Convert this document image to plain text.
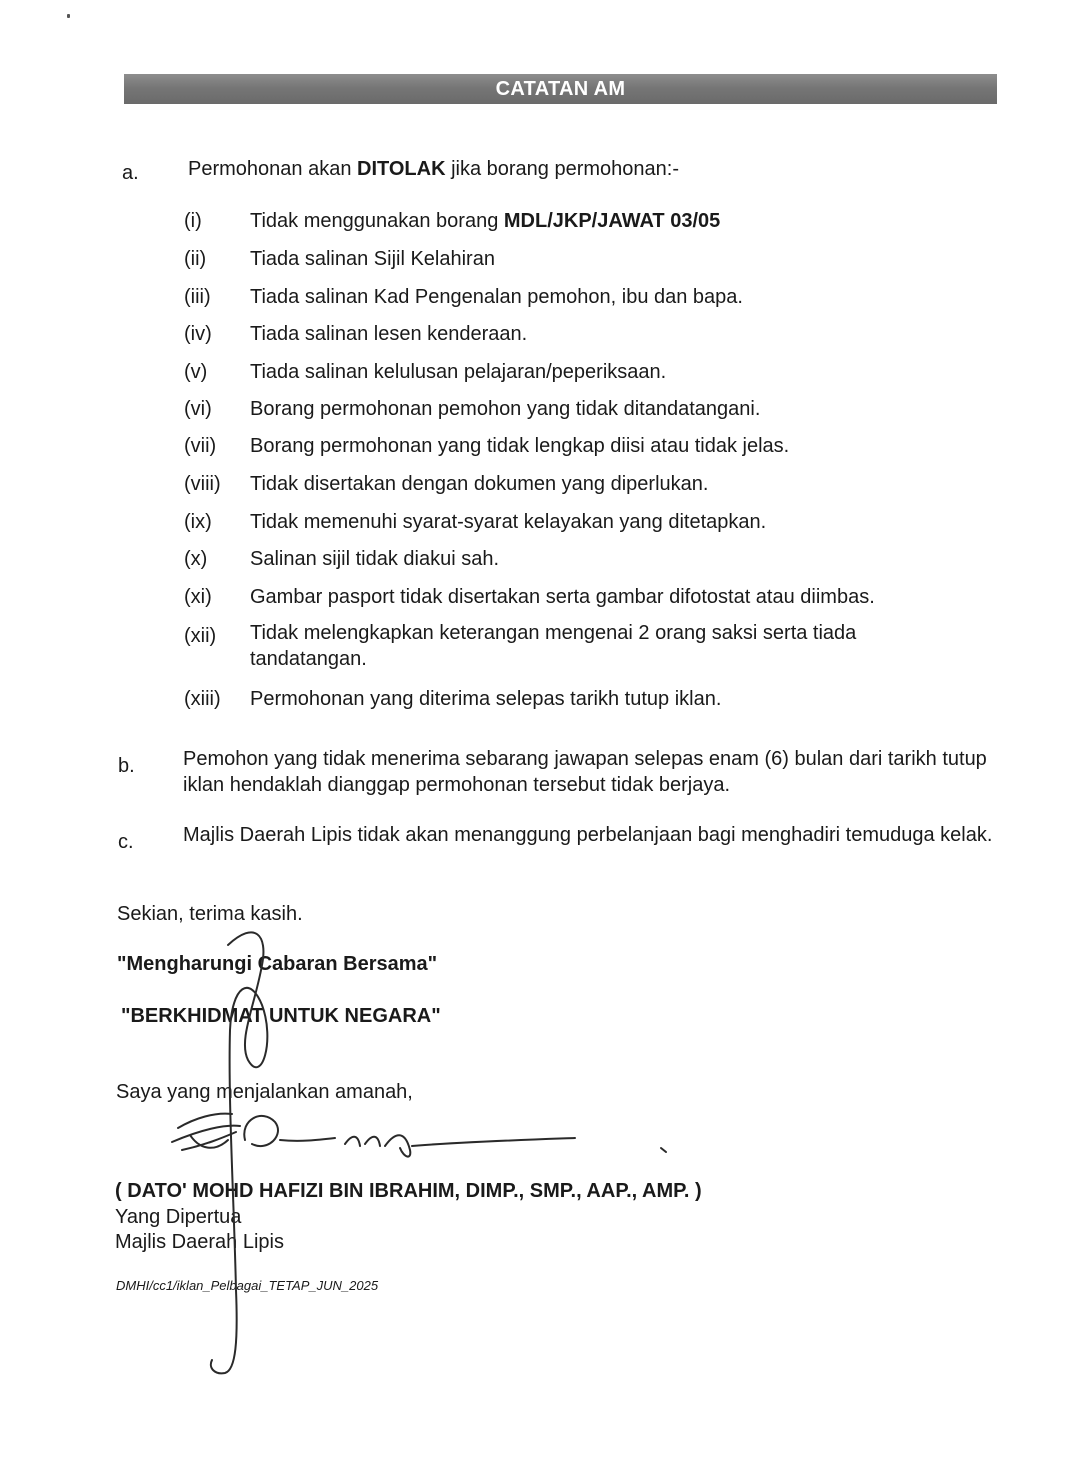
CATATAN AM
a. Permohonan akan DITOLAK jika borang permohonan:-
(i) Tidak menggunakan borang MDL/JKP/JAWAT 03/05
(ii) Tiada salinan Sijil Kelahiran
(iii) Tiada salinan Kad Pengenalan pemohon, ibu dan bapa.
(iv) Tiada salinan lesen kenderaan.
(v) Tiada salinan kelulusan pelajaran/peperiksaan.
(vi) Borang permohonan pemohon yang tidak ditandatangani.
(vii) Borang permohonan yang tidak lengkap diisi atau tidak jelas.
(viii) Tidak disertakan dengan dokumen yang diperlukan.
(ix) Tidak memenuhi syarat-syarat kelayakan yang ditetapkan.
(x) Salinan sijil tidak diakui sah.
(xi) Gambar pasport tidak disertakan serta gambar difotostat atau diimbas.
(xii) Tidak melengkapkan keterangan mengenai 2 orang saksi serta tiada tandatangan.
(xiii) Permohonan yang diterima selepas tarikh tutup iklan.
b. Pemohon yang tidak menerima sebarang jawapan selepas enam (6) bulan dari tarikh tutup iklan hendaklah dianggap permohonan tersebut tidak berjaya.
c. Majlis Daerah Lipis tidak akan menanggung perbelanjaan bagi menghadiri temuduga kelak.
Sekian, terima kasih.
"Mengharungi Cabaran Bersama"
"BERKHIDMAT UNTUK NEGARA"
Saya yang menjalankan amanah,
( DATO' MOHD HAFIZI BIN IBRAHIM, DIMP., SMP., AAP., AMP. )
Yang Dipertua
Majlis Daerah Lipis
DMHI/cc1/iklan_Pelbagai_TETAP_JUN_2025
